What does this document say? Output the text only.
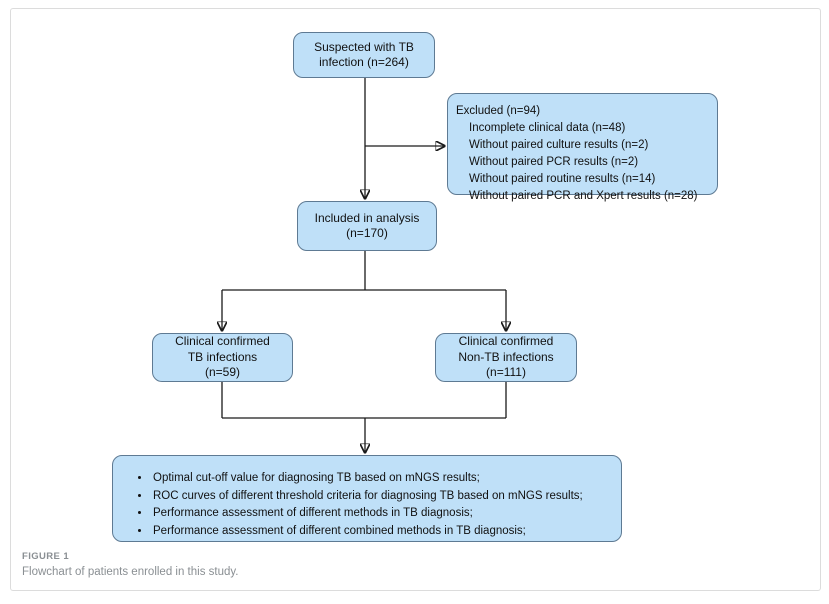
Suspected with TB
infection (n=264)
Excluded (n=94)
Incomplete clinical data (n=48)
Without paired culture results (n=2)
Without paired PCR results (n=2)
Without paired routine results (n=14)
Without paired PCR and Xpert results (n=28)
Included in analysis
(n=170)
Clinical confirmed
TB infections
(n=59)
Clinical confirmed
Non-TB infections
(n=111)
• Optimal cut-off value for diagnosing TB based on mNGS results;
• ROC curves of different threshold criteria for diagnosing TB based on mNGS results;
• Performance assessment of different methods in TB diagnosis;
• Performance assessment of different combined methods in TB diagnosis;
FIGURE 1
Flowchart of patients enrolled in this study.
